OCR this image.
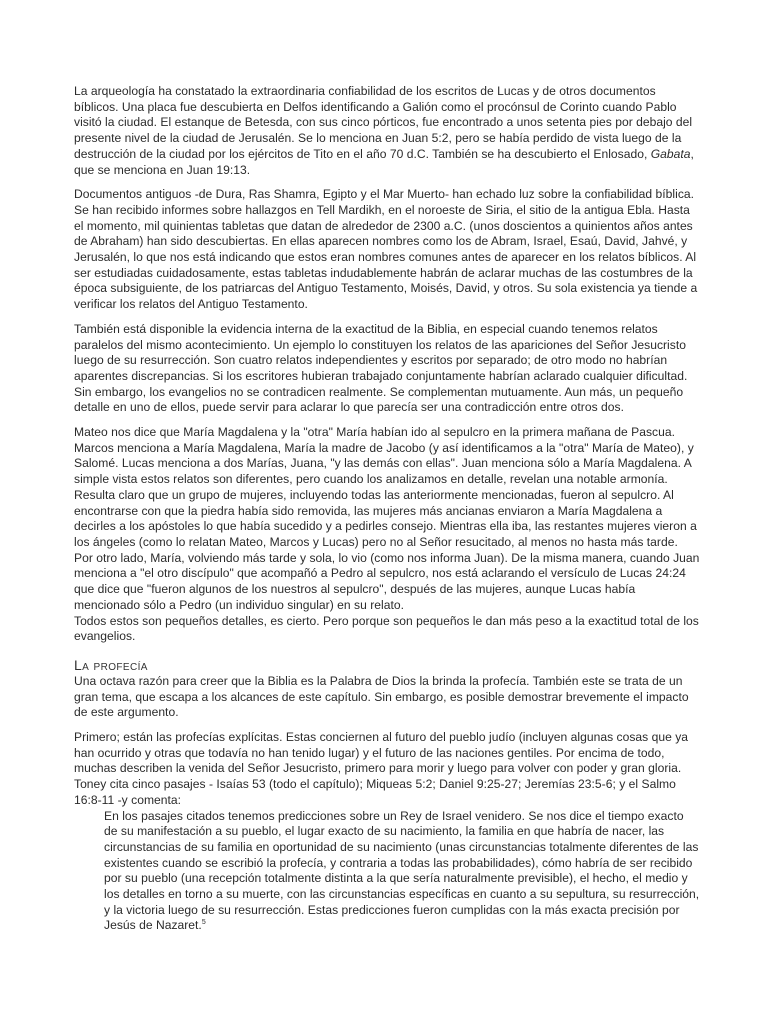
La arqueología ha constatado la extraordinaria confiabilidad de los escritos de Lucas y de otros documentos bíblicos. Una placa fue descubierta en Delfos identificando a Galión como el procónsul de Corinto cuando Pablo visitó la ciudad. El estanque de Betesda, con sus cinco pórticos, fue encontrado a unos setenta pies por debajo del presente nivel de la ciudad de Jerusalén. Se lo menciona en Juan 5:2, pero se había perdido de vista luego de la destrucción de la ciudad por los ejércitos de Tito en el año 70 d.C. También se ha descubierto el Enlosado, Gabata, que se menciona en Juan 19:13.

Documentos antiguos -de Dura, Ras Shamra, Egipto y el Mar Muerto- han echado luz sobre la confiabilidad bíblica. Se han recibido informes sobre hallazgos en Tell Mardikh, en el noroeste de Siria, el sitio de la antigua Ebla. Hasta el momento, mil quinientas tabletas que datan de alrededor de 2300 a.C. (unos doscientos a quinientos años antes de Abraham) han sido descubiertas. En ellas aparecen nombres como los de Abram, Israel, Esaú, David, Jahvé, y Jerusalén, lo que nos está indicando que estos eran nombres comunes antes de aparecer en los relatos bíblicos. Al ser estudiadas cuidadosamente, estas tabletas indudablemente habrán de aclarar muchas de las costumbres de la época subsiguiente, de los patriarcas del Antiguo Testamento, Moisés, David, y otros. Su sola existencia ya tiende a verificar los relatos del Antiguo Testamento.

También está disponible la evidencia interna de la exactitud de la Biblia, en especial cuando tenemos relatos paralelos del mismo acontecimiento. Un ejemplo lo constituyen los relatos de las apariciones del Señor Jesucristo luego de su resurrección. Son cuatro relatos independientes y escritos por separado; de otro modo no habrían aparentes discrepancias. Si los escritores hubieran trabajado conjuntamente habrían aclarado cualquier dificultad. Sin embargo, los evangelios no se contradicen realmente. Se complementan mutuamente. Aun más, un pequeño detalle en uno de ellos, puede servir para aclarar lo que parecía ser una contradicción entre otros dos.

Mateo nos dice que María Magdalena y la "otra" María habían ido al sepulcro en la primera mañana de Pascua. Marcos menciona a María Magdalena, María la madre de Jacobo (y así identificamos a la "otra" María de Mateo), y Salomé. Lucas menciona a dos Marías, Juana, "y las demás con ellas". Juan menciona sólo a María Magdalena. A simple vista estos relatos son diferentes, pero cuando los analizamos en detalle, revelan una notable armonía. Resulta claro que un grupo de mujeres, incluyendo todas las anteriormente mencionadas, fueron al sepulcro. Al encontrarse con que la piedra había sido removida, las mujeres más ancianas enviaron a María Magdalena a decirles a los apóstoles lo que había sucedido y a pedirles consejo. Mientras ella iba, las restantes mujeres vieron a los ángeles (como lo relatan Mateo, Marcos y Lucas) pero no al Señor resucitado, al menos no hasta más tarde. Por otro lado, María, volviendo más tarde y sola, lo vio (como nos informa Juan). De la misma manera, cuando Juan menciona a "el otro discípulo" que acompañó a Pedro al sepulcro, nos está aclarando el versículo de Lucas 24:24 que dice que "fueron algunos de los nuestros al sepulcro", después de las mujeres, aunque Lucas había mencionado sólo a Pedro (un individuo singular) en su relato.

Todos estos son pequeños detalles, es cierto. Pero porque son pequeños le dan más peso a la exactitud total de los evangelios.

La profecía

Una octava razón para creer que la Biblia es la Palabra de Dios la brinda la profecía. También este se trata de un gran tema, que escapa a los alcances de este capítulo. Sin embargo, es posible demostrar brevemente el impacto de este argumento.

Primero; están las profecías explícitas. Estas conciernen al futuro del pueblo judío (incluyen algunas cosas que ya han ocurrido y otras que todavía no han tenido lugar) y el futuro de las naciones gentiles. Por encima de todo, muchas describen la venida del Señor Jesucristo, primero para morir y luego para volver con poder y gran gloria. Toney cita cinco pasajes - Isaías 53 (todo el capítulo); Miqueas 5:2; Daniel 9:25-27; Jeremías 23:5-6; y el Salmo 16:8-11 -y comenta:

En los pasajes citados tenemos predicciones sobre un Rey de Israel venidero. Se nos dice el tiempo exacto de su manifestación a su pueblo, el lugar exacto de su nacimiento, la familia en que habría de nacer, las circunstancias de su familia en oportunidad de su nacimiento (unas circunstancias totalmente diferentes de las existentes cuando se escribió la profecía, y contraria a todas las probabilidades), cómo habría de ser recibido por su pueblo (una recepción totalmente distinta a la que sería naturalmente previsible), el hecho, el medio y los detalles en torno a su muerte, con las circunstancias específicas en cuanto a su sepultura, su resurrección, y la victoria luego de su resurrección. Estas predicciones fueron cumplidas con la más exacta precisión por Jesús de Nazaret.$^5$
